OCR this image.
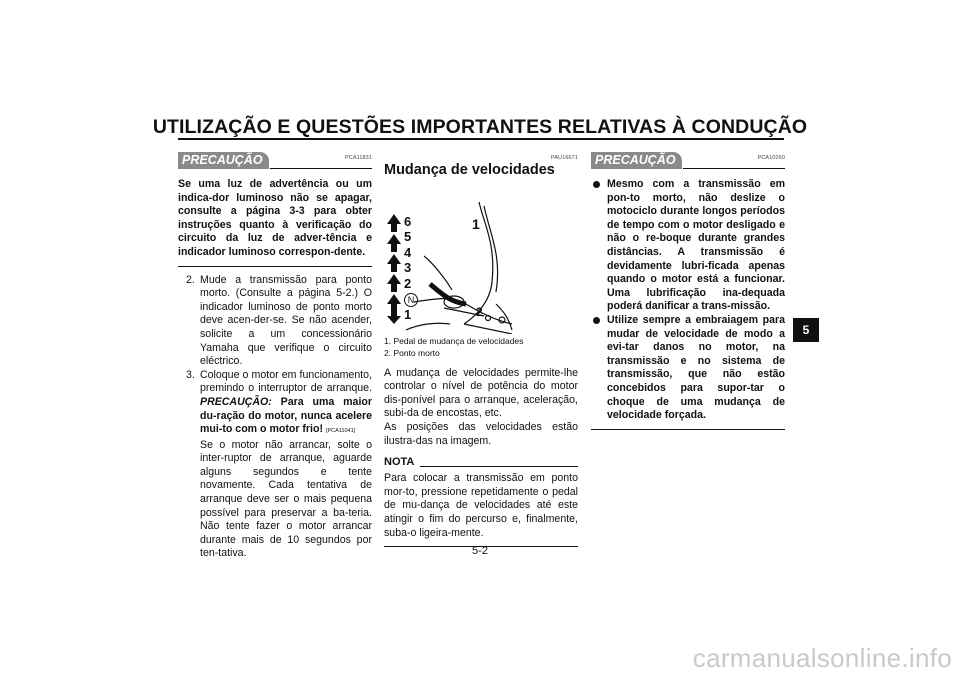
UTILIZAÇÃO E QUESTÕES IMPORTANTES RELATIVAS À CONDUÇÃO
PRECAUÇÃO	PCA11831
Se uma luz de advertência ou um indica-dor luminoso não se apagar, consulte a página 3-3 para obter instruções quanto à verificação do circuito da luz de adver-tência e indicador luminoso correspon-dente.
2. Mude a transmissão para ponto morto. (Consulte a página 5-2.) O indicador luminoso de ponto morto deve acen-der-se. Se não acender, solicite a um concessionário Yamaha que verifique o circuito eléctrico.
3. Coloque o motor em funcionamento, premindo o interruptor de arranque. PRECAUÇÃO: Para uma maior du-ração do motor, nunca acelere mui-to com o motor frio! [PCA11041]
Se o motor não arrancar, solte o inter-ruptor de arranque, aguarde alguns segundos e tente novamente. Cada tentativa de arranque deve ser o mais pequena possível para preservar a ba-teria. Não tente fazer o motor arrancar durante mais de 10 segundos por ten-tativa.
PAU16671
Mudança de velocidades
6
5
4
3
2
N
1
1
2
1. Pedal de mudança de velocidades
2. Ponto morto
A mudança de velocidades permite-lhe controlar o nível de potência do motor dis-ponível para o arranque, aceleração, subi-da de encostas, etc.
As posições das velocidades estão ilustra-das na imagem.
NOTA
Para colocar a transmissão em ponto mor-to, pressione repetidamente o pedal de mu-dança de velocidades até este atingir o fim do percurso e, finalmente, suba-o ligeira-mente.
PRECAUÇÃO	PCA10260
Mesmo com a transmissão em pon-to morto, não deslize o motociclo durante longos períodos de tempo com o motor desligado e não o re-boque durante grandes distâncias. A transmissão é devidamente lubri-ficada apenas quando o motor está a funcionar. Uma lubrificação ina-dequada poderá danificar a trans-missão.
Utilize sempre a embraiagem para mudar de velocidade de modo a evi-tar danos no motor, na transmissão e no sistema de transmissão, que não estão concebidos para supor-tar o choque de uma mudança de velocidade forçada.
5
5-2
carmanualsonline.info
